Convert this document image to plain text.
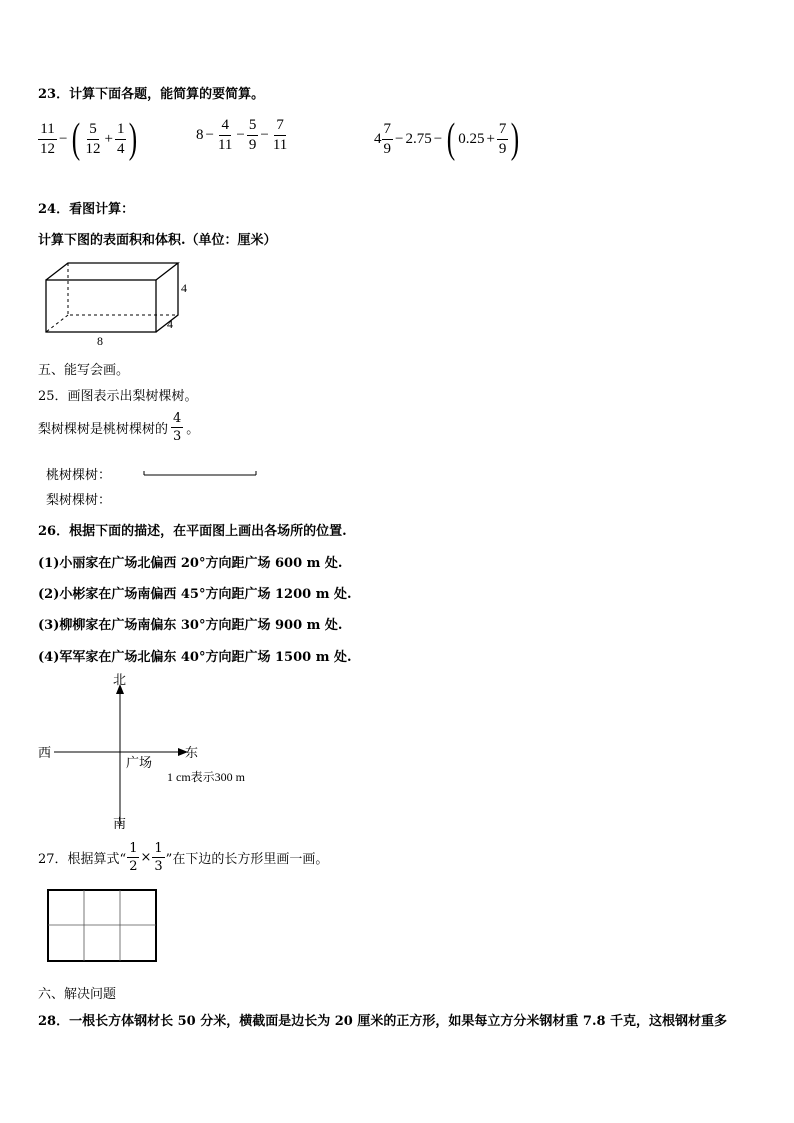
23．计算下面各题，能简算的要简算。
$\frac{11}{12}$ − ( $\frac{5}{12} + \frac{1}{4}$ )	$8 - \frac{4}{11} - \frac{5}{9} - \frac{7}{11}$	$4 \frac{7}{9} - 2.75$ − ( $0.25 + \frac{7}{9}$ )
24．看图计算：
计算下图的表面积和体积.（单位：厘米）
4
4
8
五、能写会画。
25．画图表示出梨树棵树。
梨树棵树是桃树棵树的 $\frac{4}{3}$ 。
桃树棵树：
梨树棵树：
26．根据下面的描述，在平面图上画出各场所的位置.
(1)小丽家在广场北偏西 20°方向距广场 600 m 处.
(2)小彬家在广场南偏西 45°方向距广场 1200 m 处.
(3)柳柳家在广场南偏东 30°方向距广场 900 m 处.
(4)军军家在广场北偏东 40°方向距广场 1500 m 处.
北
南
西	东
广场
1 cm表示300 m
27．根据算式“ $\frac{1}{2} \times \frac{1}{3}$ ”在下边的长方形里画一画。
六、解决问题
28．一根长方体钢材长 50 分米，横截面是边长为 20 厘米的正方形，如果每立方分米钢材重 7.8 千克，这根钢材重多
